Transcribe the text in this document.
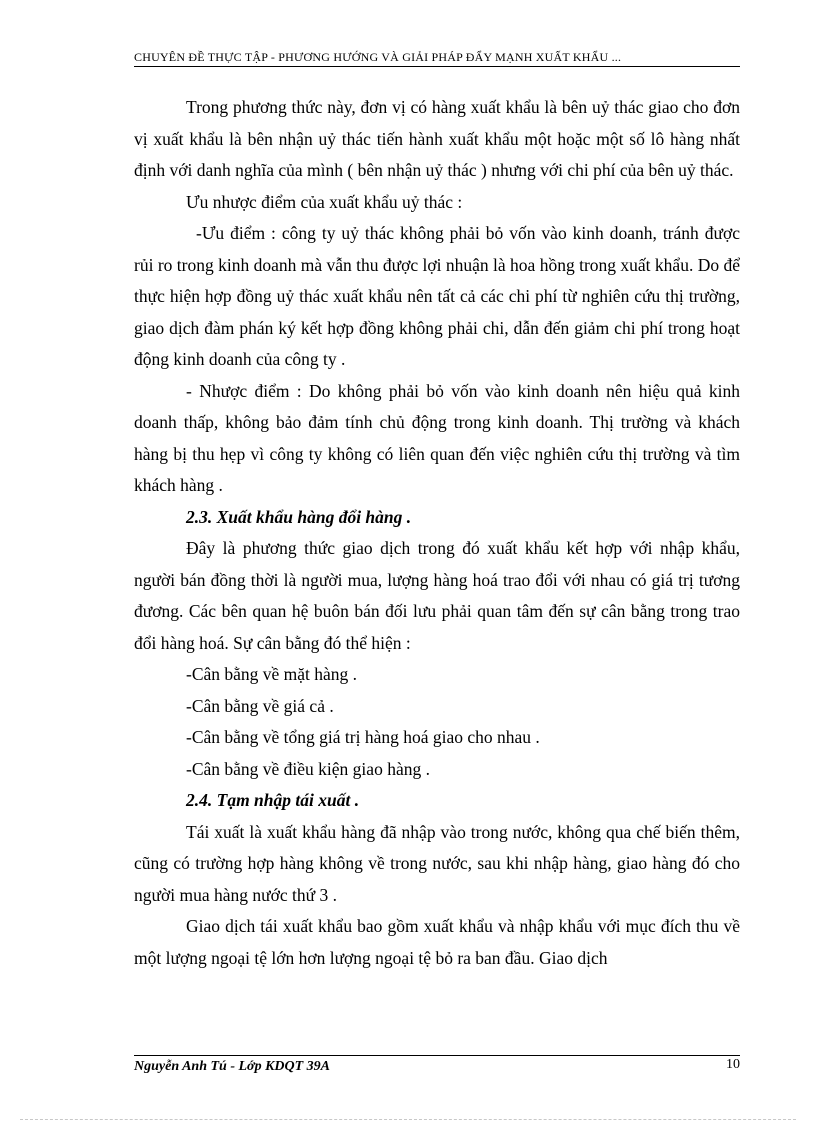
CHUYÊN ĐỀ THỰC TẬP - PHƯƠNG HƯỚNG VÀ GIẢI PHÁP ĐẨY MẠNH XUẤT KHẨU ...

Trong phương thức này, đơn vị có hàng xuất khẩu là bên uỷ thác giao cho đơn vị xuất khẩu là bên nhận uỷ thác tiến hành xuất khẩu một hoặc một số lô hàng nhất định với danh nghĩa của mình ( bên nhận uỷ thác ) nhưng với chi phí của bên uỷ thác.

Ưu nhược điểm của xuất khẩu uỷ thác :

-Ưu điểm : công ty uỷ thác không phải bỏ vốn vào kinh doanh, tránh được rủi ro trong kinh doanh mà vẫn thu được lợi nhuận là hoa hồng trong xuất khẩu. Do để thực hiện hợp đồng uỷ thác xuất khẩu nên tất cả các chi phí từ nghiên cứu thị trường, giao dịch đàm phán ký kết hợp đồng không phải chi, dẫn đến giảm chi phí trong hoạt động kinh doanh của công ty .

- Nhược điểm : Do không phải bỏ vốn vào kinh doanh nên hiệu quả kinh doanh thấp, không bảo đảm tính chủ động trong kinh doanh. Thị trường và khách hàng bị thu hẹp vì công ty không có liên quan đến việc nghiên cứu thị trường và tìm khách hàng .

2.3. Xuất khẩu hàng đổi hàng .

Đây là phương thức giao dịch trong đó xuất khẩu kết hợp với nhập khẩu, người bán đồng thời là người mua, lượng hàng hoá trao đổi với nhau có giá trị tương đương. Các bên quan hệ buôn bán đối lưu phải quan tâm đến sự cân bằng trong trao đổi hàng hoá. Sự cân bằng đó thể hiện :

-Cân bằng về mặt hàng .

-Cân bằng về giá cả .

-Cân bằng về tổng giá trị hàng hoá giao cho nhau .

-Cân bằng về điều kiện giao hàng .

2.4. Tạm nhập tái xuất .

Tái xuất là xuất khẩu hàng đã nhập vào trong nước, không qua chế biến thêm, cũng có trường hợp hàng không về trong nước, sau khi nhập hàng, giao hàng đó cho người mua hàng nước thứ 3 .

Giao dịch tái xuất khẩu bao gồm xuất khẩu và nhập khẩu với mục đích thu về một lượng ngoại tệ lớn hơn lượng ngoại tệ bỏ ra ban đầu. Giao dịch

Nguyễn Anh Tú - Lớp KDQT 39A	10
